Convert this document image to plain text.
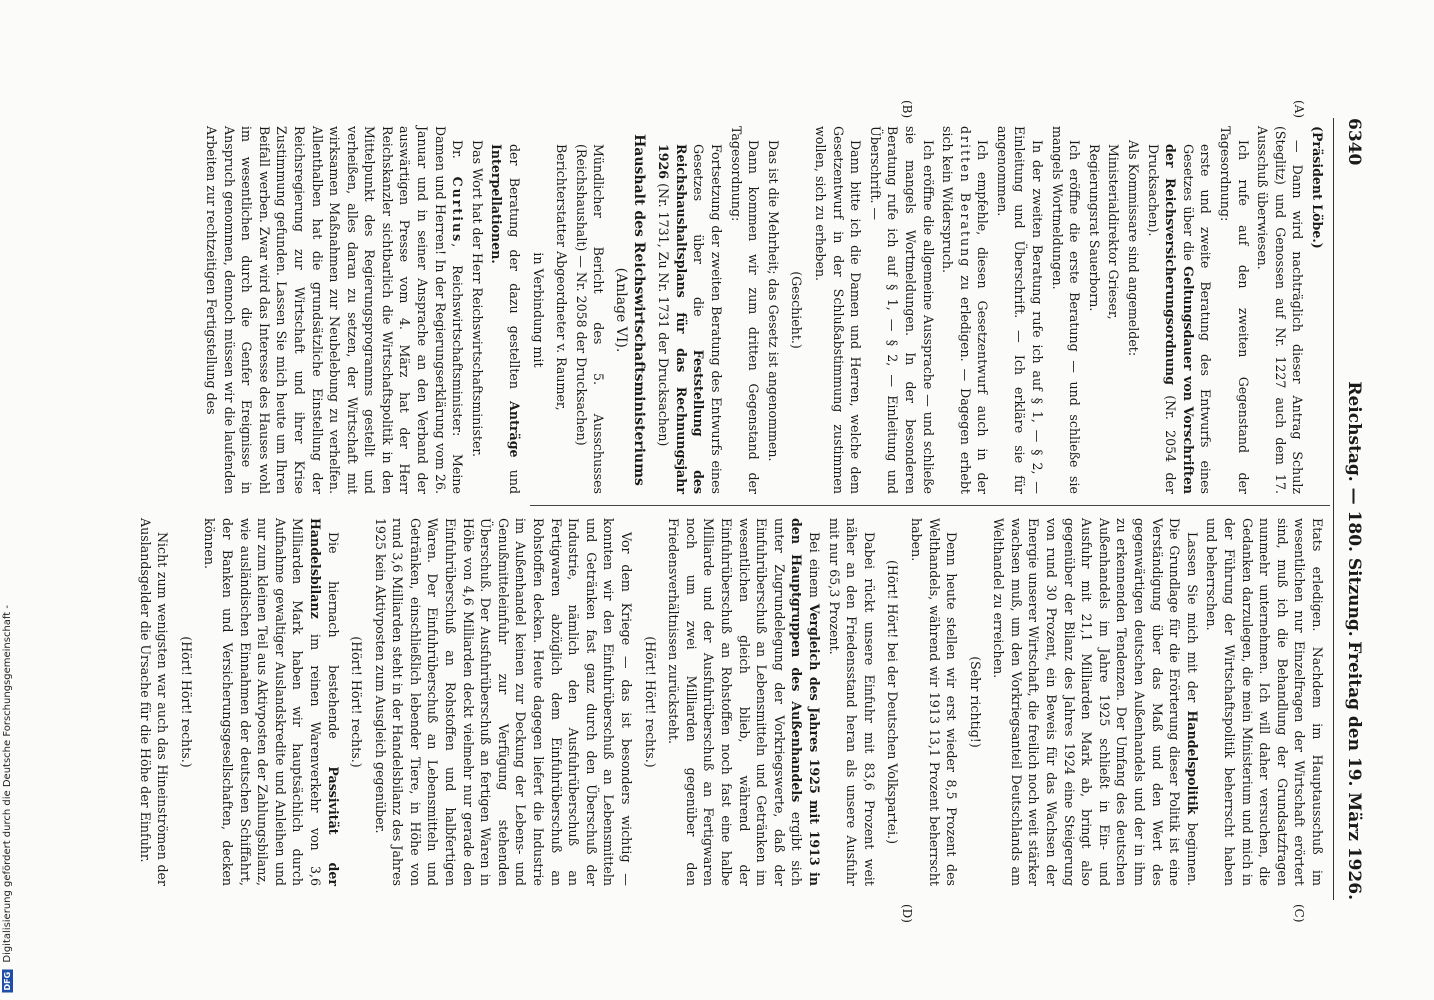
DFG Digitalisierung gefördert durch die Deutsche Forschungsgemeinschaft -
6340
Reichstag. — 180. Sitzung.
Freitag den 19. März 1926.
(A)
(B)
(C)
(D)

(Präsident Löbe.)

— Dann wird nachträglich dieser Antrag Schulz (Steglitz) und Genossen auf Nr. 1227 auch dem 17. Ausschuß überwiesen.

Ich rufe auf den zweiten Gegenstand der Tagesordnung:

erste und zweite Beratung des Entwurfs eines Gesetzes über die Geltungsdauer von Vorschriften der Reichsversicherungsordnung (Nr. 2054 der Drucksachen).

Als Kommissare sind angemeldet:

Ministerialdirektor Grieser,

Regierungsrat Sauerborn.

Ich eröffne die erste Beratung — und schließe sie mangels Wortmeldungen.

In der zweiten Beratung rufe ich auf § 1, — § 2, — Einleitung und Überschrift. — Ich erkläre sie für angenommen.

Ich empfehle, diesen Gesetzentwurf auch in der dritten Beratung zu erledigen. — Dagegen erhebt sich kein Widerspruch.

Ich eröffne die allgemeine Aussprache — und schließe sie mangels Wortmeldungen. In der besonderen Beratung rufe ich auf § 1, — § 2, — Einleitung und Überschrift. —

Dann bitte ich die Damen und Herren, welche dem Gesetzentwurf in der Schlußabstimmung zustimmen wollen, sich zu erheben.

(Geschieht.)

Das ist die Mehrheit; das Gesetz ist angenommen.

Dann kommen wir zum dritten Gegenstand der Tagesordnung:

Fortsetzung der zweiten Beratung des Entwurfs eines Gesetzes über die Feststellung des Reichshaushaltsplans für das Rechnungsjahr 1926 (Nr. 1731, Zu Nr. 1731 der Drucksachen)

Haushalt des Reichswirtschaftsministeriums (Anlage VI).

Mündlicher Bericht des 5. Ausschusses (Reichshaushalt) — Nr. 2058 der Drucksachen)

Berichterstatter Abgeordneter v. Raumer,

in Verbindung mit

der Beratung der dazu gestellten Anträge und Interpellationen.

Das Wort hat der Herr Reichswirtschaftsminister.

Dr. Curtius, Reichswirtschaftsminister: Meine Damen und Herren! In der Regierungserklärung vom 26. Januar und in seiner Ansprache an den Verband der auswärtigen Presse vom 4. März hat der Herr Reichskanzler sichtbarlich die Wirtschaftspolitik in den Mittelpunkt des Regierungsprogramms gestellt und verheißen, alles daran zu setzen, der Wirtschaft mit wirksamen Maßnahmen zur Neubelebung zu verhelfen. Allenthalben hat die grundsätzliche Einstellung der Reichsregierung zur Wirtschaft und ihrer Krise Zustimmung gefunden. Lassen Sie mich heute um Ihren Beifall werben. Zwar wird das Interesse des Hauses wohl im wesentlichen durch die Genfer Ereignisse in Anspruch genommen, dennoch müssen wir die laufenden Arbeiten zur rechtzeitigen Fertigstellung des

Etats erledigen. Nachdem im Hauptausschuß im wesentlichen nur Einzelfragen der Wirtschaft erörtert sind, muß ich die Behandlung der Grundsatzfragen nunmehr unternehmen. Ich will daher versuchen, die Gedanken darzulegen, die mein Ministerium und mich in der Führung der Wirtschaftspolitik beherrscht haben und beherrschen.

Lassen Sie mich mit der Handelspolitik beginnen. Die Grundlage für die Erörterung dieser Politik ist eine Verständigung über das Maß und den Wert des gegenwärtigen deutschen Außenhandels und der in ihm zu erkennenden Tendenzen. Der Umfang des deutschen Außenhandels im Jahre 1925 schließt in Ein- und Ausfuhr mit 21,1 Milliarden Mark ab, bringt also gegenüber der Bilanz des Jahres 1924 eine Steigerung von rund 30 Prozent, ein Beweis für das Wachsen der Energie unserer Wirtschaft, die freilich noch weit stärker wachsen muß, um den Vorkriegsanteil Deutschlands am Welthandel zu erreichen.

(Sehr richtig!)

Denn heute stellen wir erst wieder 8,5 Prozent des Welthandels, während wir 1913 13,1 Prozent beherrscht haben.

(Hört! Hört! bei der Deutschen Volkspartei.)

Dabei rückt unsere Einfuhr mit 83,6 Prozent weit näher an den Friedensstand heran als unsere Ausfuhr mit nur 65,3 Prozent.

Bei einem Vergleich des Jahres 1925 mit 1913 in den Hauptgruppen des Außenhandels ergibt sich unter Zugrundelegung der Vorkriegswerte, daß der Einfuhrüberschuß an Lebensmitteln und Getränken im wesentlichen gleich blieb, während der Einfuhrüberschuß an Rohstoffen noch fast eine halbe Milliarde und der Ausfuhrüberschuß an Fertigwaren noch um zwei Milliarden gegenüber den Friedensverhältnissen zurücksteht.

(Hört! Hört! rechts.)

Vor dem Kriege — das ist besonders wichtig — konnten wir den Einfuhrüberschuß an Lebensmitteln und Getränken fast ganz durch den Überschuß der Industrie, nämlich den Ausfuhrüberschuß an Fertigwaren abzüglich dem Einfuhrüberschuß an Rohstoffen decken. Heute dagegen liefert die Industrie im Außenhandel keinen zur Deckung der Lebens- und Genußmitteleinfuhr zur Verfügung stehenden Überschuß. Der Ausfuhrüberschuß an fertigen Waren in Höhe von 4,6 Milliarden deckt vielmehr nur gerade den Einfuhrüberschuß an Rohstoffen und halbfertigen Waren. Der Einfuhrüberschuß an Lebensmitteln und Getränken, einschließlich lebender Tiere, in Höhe von rund 3,6 Milliarden steht in der Handelsbilanz des Jahres 1925 kein Aktivposten zum Ausgleich gegenüber.

(Hört! Hört! rechts.)

Die hiernach bestehende Passivität der Handelsbilanz im reinen Warenverkehr von 3,6 Milliarden Mark haben wir hauptsächlich durch Aufnahme gewaltiger Auslandskredite und Anleihen und nur zum kleinen Teil aus Aktivposten der Zahlungsbilanz, wie ausländischen Einnahmen der deutschen Schiffahrt, der Banken und Versicherungsgesellschaften, decken können.

(Hört! Hört! rechts.)

Nicht zum wenigsten war auch das Hineinströmen der Auslandsgelder die Ursache für die Höhe der Einfuhr.
